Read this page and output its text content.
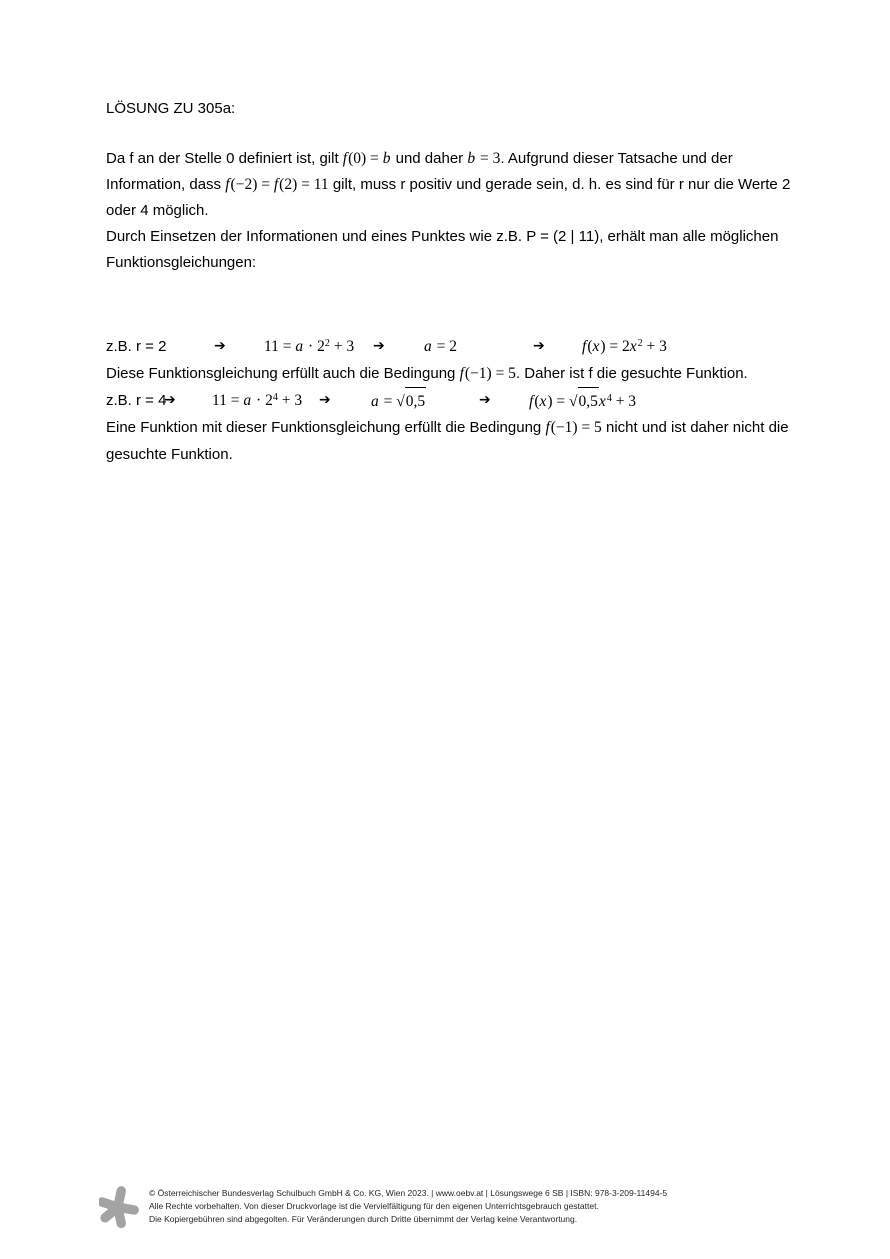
LÖSUNG ZU 305a:

Da f an der Stelle 0 definiert ist, gilt f(0) = b und daher b = 3. Aufgrund dieser Tatsache und der Information, dass f(−2) = f(2) = 11 gilt, muss r positiv und gerade sein, d. h. es sind für r nur die Werte 2 oder 4 möglich.

Durch Einsetzen der Informationen und eines Punktes wie z.B. P = (2 | 11), erhält man alle möglichen Funktionsgleichungen:

z.B. r = 2	➔ $11 = a \cdot 2^2 + 3$ ➔	a = 2	➔ $f(x) = 2x^2 + 3$

Diese Funktionsgleichung erfüllt auch die Bedingung f(−1) = 5. Daher ist f die gesuchte Funktion.

z.B. r = 4
➔ $11 = a \cdot 2^4 + 3$ ➔	a = √0,5	➔ $f(x) = √0,5x^4 + 3$

Eine Funktion mit dieser Funktionsgleichung erfüllt die Bedingung f(−1) = 5 nicht und ist daher nicht die gesuchte Funktion.

© Österreichischer Bundesverlag Schulbuch GmbH & Co. KG, Wien 2023. | www.oebv.at | Lösungswege 6 SB | ISBN: 978-3-209-11494-5
Alle Rechte vorbehalten. Von dieser Druckvorlage ist die Vervielfältigung für den eigenen Unterrichtsgebrauch gestattet.
Die Kopiergebühren sind abgegolten. Für Veränderungen durch Dritte übernimmt der Verlag keine Verantwortung.
